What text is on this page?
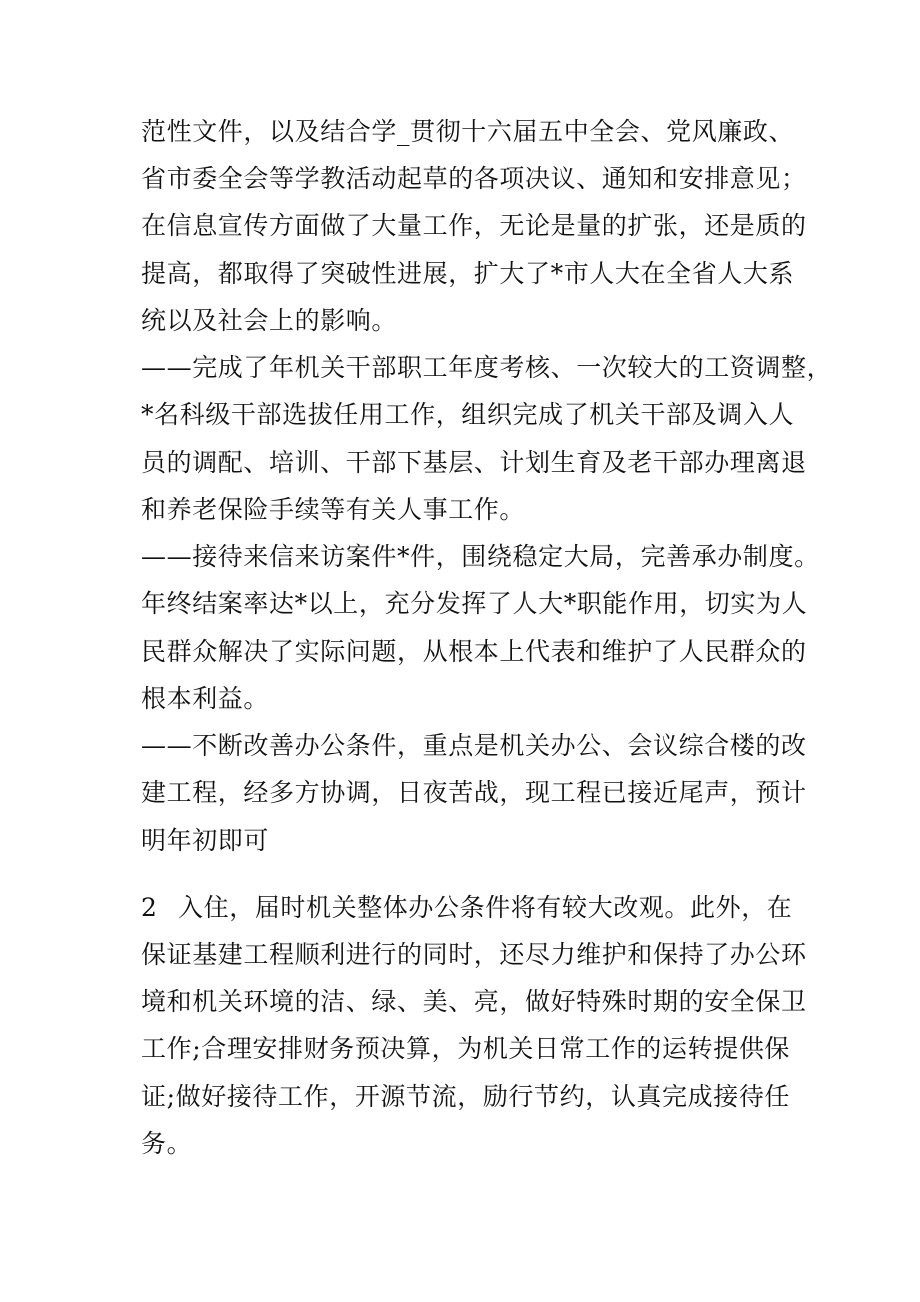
范性文件，以及结合学_贯彻十六届五中全会、党风廉政、
省市委全会等学教活动起草的各项决议、通知和安排意见；
在信息宣传方面做了大量工作，无论是量的扩张，还是质的
提高，都取得了突破性进展，扩大了*市人大在全省人大系
统以及社会上的影响。
——完成了年机关干部职工年度考核、一次较大的工资调整，
*名科级干部选拔任用工作，组织完成了机关干部及调入人
员的调配、培训、干部下基层、计划生育及老干部办理离退
和养老保险手续等有关人事工作。
——接待来信来访案件*件，围绕稳定大局，完善承办制度。
年终结案率达*以上，充分发挥了人大*职能作用，切实为人
民群众解决了实际问题，从根本上代表和维护了人民群众的
根本利益。
——不断改善办公条件，重点是机关办公、会议综合楼的改
建工程，经多方协调，日夜苦战，现工程已接近尾声，预计
明年初即可
2 入住，届时机关整体办公条件将有较大改观。此外，在
保证基建工程顺利进行的同时，还尽力维护和保持了办公环
境和机关环境的洁、绿、美、亮，做好特殊时期的安全保卫
工作;合理安排财务预决算，为机关日常工作的运转提供保
证;做好接待工作，开源节流，励行节约，认真完成接待任
务。
